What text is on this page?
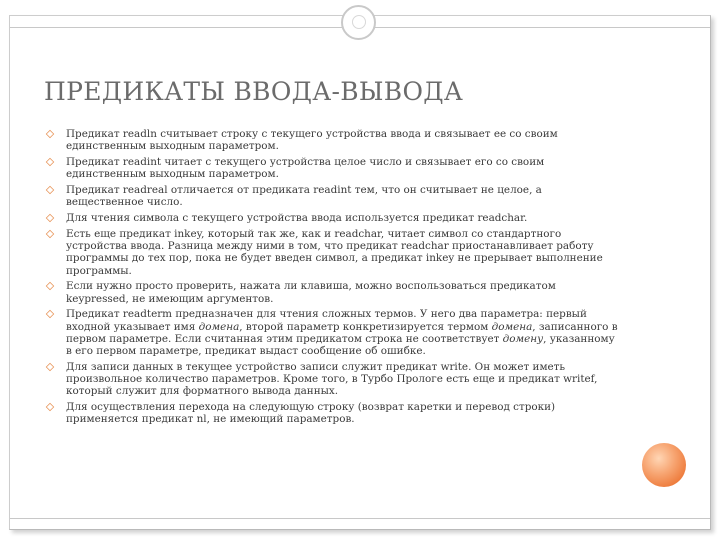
ПРЕДИКАТЫ ВВОДА-ВЫВОДА
Предикат readln считывает строку с текущего устройства ввода и связывает ее со своим единственным выходным параметром.
Предикат readint читает с текущего устройства целое число и связывает его со своим единственным выходным параметром.
Предикат readreal отличается от предиката readint тем, что он считывает не целое, а вещественное число.
Для чтения символа с текущего устройства ввода используется предикат readchar.
Есть еще предикат inkey, который так же, как и readchar, читает символ со стандартного устройства ввода. Разница между ними в том, что предикат readchar приостанавливает работу программы до тех пор, пока не будет введен символ, а предикат inkey не прерывает выполнение программы.
Если нужно просто проверить, нажата ли клавиша, можно воспользоваться предикатом keypressed, не имеющим аргументов.
Предикат readterm предназначен для чтения сложных термов. У него два параметра: первый входной указывает имя домена, второй параметр конкретизируется термом домена, записанного в первом параметре. Если считанная этим предикатом строка не соответствует домену, указанному в его первом параметре, предикат выдаст сообщение об ошибке.
Для записи данных в текущее устройство записи служит предикат write. Он может иметь произвольное количество параметров. Кроме того, в Турбо Прологе есть еще и предикат writef, который служит для форматного вывода данных.
Для осуществления перехода на следующую строку (возврат каретки и перевод строки) применяется предикат nl, не имеющий параметров.
